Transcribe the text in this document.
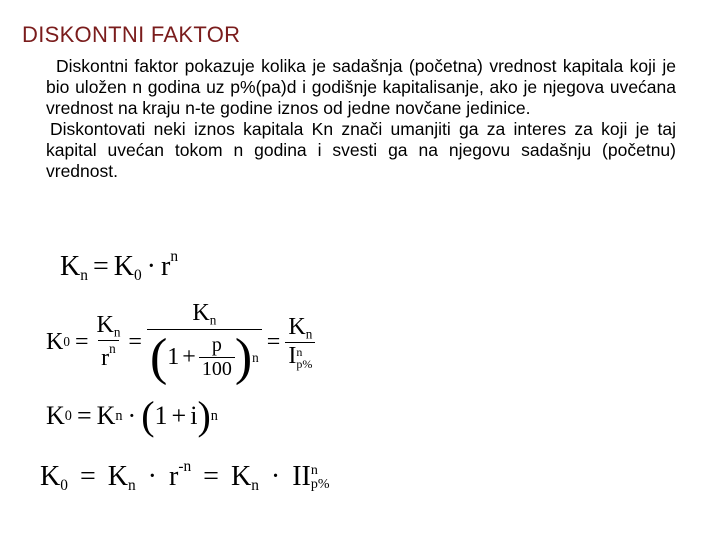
DISKONTNI FAKTOR

Diskontni faktor pokazuje kolika je sadašnja (početna) vrednost kapitala koji je bio uložen n godina uz p%(pa)d i godišnje kapitalisanje, ako je njegova uvećana vrednost na kraju n-te godine iznos od jedne novčane jedinice.

Diskontovati neki iznos kapitala Kn znači umanjiti ga za interes za koji je taj kapital uvećan tokom n godina i svesti ga na njegovu sadašnju (početnu) vrednost.

$K_n = K_0 \cdot r^n$
K $0 = \frac{K_n}{r^n} = \frac{K_n}{( 1 + \frac{p}{100} ) n} = K_n$
I n
p%
K 0 = K n · ( 1 + i ) n
$K_0 = K_n \cdot r^{-n} = K_n$ · II n
p%
